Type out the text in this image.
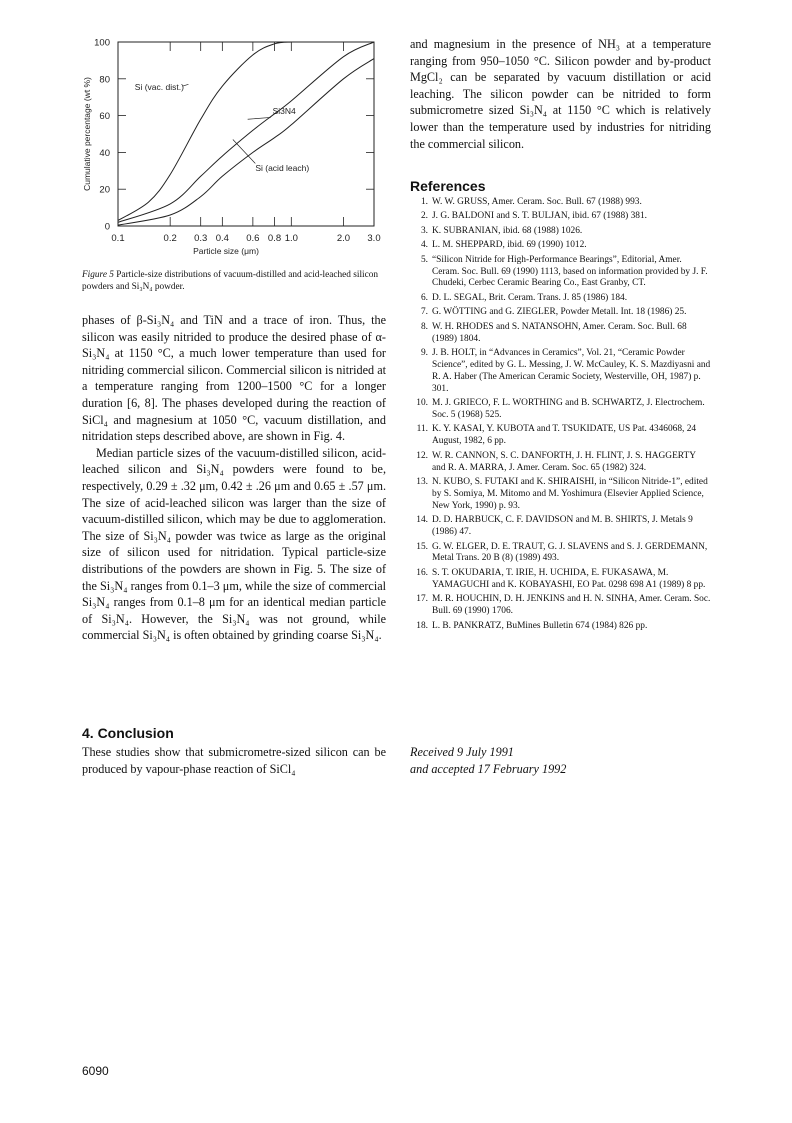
0.1	0.2 0.3 0.4 0.6 0.8 1.0	2.0 3.0
0
20
40
60
80
100
Particle size (μm)
Cumulative percentage (wt %)	Si (vac. dist.)
Si3N4
Si (acid leach)
Figure 5 Particle-size distributions of vacuum-distilled and acid-leached silicon powders and Si₃N₄ powder.

phases of β-Si₃N₄ and TiN and a trace of iron. Thus, the silicon was easily nitrided to produce the desired phase of α-Si₃N₄ at 1150 °C, a much lower temperature than used for nitriding commercial silicon. Commercial silicon is nitrided at a temperature ranging from 1200–1500 °C for a longer duration [6, 8]. The phases developed during the reaction of SiCl₄ and magnesium at 1050 °C, vacuum distillation, and nitridation steps described above, are shown in Fig. 4.

Median particle sizes of the vacuum-distilled silicon, acid-leached silicon and Si₃N₄ powders were found to be, respectively, 0.29 ± .32 μm, 0.42 ± .26 μm and 0.65 ± .57 μm. The size of acid-leached silicon was larger than the size of vacuum-distilled silicon, which may be due to agglomeration. The size of Si₃N₄ powder was twice as large as the original size of silicon used for nitridation. Typical particle-size distributions of the powders are shown in Fig. 5. The size of the Si₃N₄ ranges from 0.1–3 μm, while the size of commercial Si₃N₄ ranges from 0.1–8 μm for an identical median particle of Si₃N₄. However, the Si₃N₄ was not ground, while commercial Si₃N₄ is often obtained by grinding coarse Si₃N₄.

4. Conclusion
These studies show that submicrometre-sized silicon can be produced by vapour-phase reaction of SiCl₄
and magnesium in the presence of NH₃ at a temperature ranging from 950–1050 °C. Silicon powder and by-product MgCl₂ can be separated by vacuum distillation or acid leaching. The silicon powder can be nitrided to form submicrometre sized Si₃N₄ at 1150 °C which is relatively lower than the temperature used by industries for nitriding the commercial silicon.
References
1. W. W. GRUSS, Amer. Ceram. Soc. Bull. 67 (1988) 993.
2. J. G. BALDONI and S. T. BULJAN, ibid. 67 (1988) 381.
3. K. SUBRANIAN, ibid. 68 (1988) 1026.
4. L. M. SHEPPARD, ibid. 69 (1990) 1012.
5. “Silicon Nitride for High-Performance Bearings”, Editorial, Amer. Ceram. Soc. Bull. 69 (1990) 1113, based on information provided by J. F. Chudeki, Cerbec Ceramic Bearing Co., East Granby, CT.
6. D. L. SEGAL, Brit. Ceram. Trans. J. 85 (1986) 184.
7. G. WÖTTING and G. ZIEGLER, Powder Metall. Int. 18 (1986) 25.
8. W. H. RHODES and S. NATANSOHN, Amer. Ceram. Soc. Bull. 68 (1989) 1804.
9. J. B. HOLT, in “Advances in Ceramics”, Vol. 21, “Ceramic Powder Science”, edited by G. L. Messing, J. W. McCauley, K. S. Mazdiyasni and R. A. Haber (The American Ceramic Society, Westerville, OH, 1987) p. 301.
10. M. J. GRIECO, F. L. WORTHING and B. SCHWARTZ, J. Electrochem. Soc. 5 (1968) 525.
11. K. Y. KASAI, Y. KUBOTA and T. TSUKIDATE, US Pat. 4346068, 24 August, 1982, 6 pp.
12. W. R. CANNON, S. C. DANFORTH, J. H. FLINT, J. S. HAGGERTY and R. A. MARRA, J. Amer. Ceram. Soc. 65 (1982) 324.
13. N. KUBO, S. FUTAKI and K. SHIRAISHI, in “Silicon Nitride-1”, edited by S. Somiya, M. Mitomo and M. Yoshimura (Elsevier Applied Science, New York, 1990) p. 93.
14. D. D. HARBUCK, C. F. DAVIDSON and M. B. SHIRTS, J. Metals 9 (1986) 47.
15. G. W. ELGER, D. E. TRAUT, G. J. SLAVENS and S. J. GERDEMANN, Metal Trans. 20 B (8) (1989) 493.
16. S. T. OKUDARIA, T. IRIE, H. UCHIDA, E. FUKASAWA, M. YAMAGUCHI and K. KOBAYASHI, EO Pat. 0298 698 A1 (1989) 8 pp.
17. M. R. HOUCHIN, D. H. JENKINS and H. N. SINHA, Amer. Ceram. Soc. Bull. 69 (1990) 1706.
18. L. B. PANKRATZ, BuMines Bulletin 674 (1984) 826 pp.
Received 9 July 1991
and accepted 17 February 1992
6090
